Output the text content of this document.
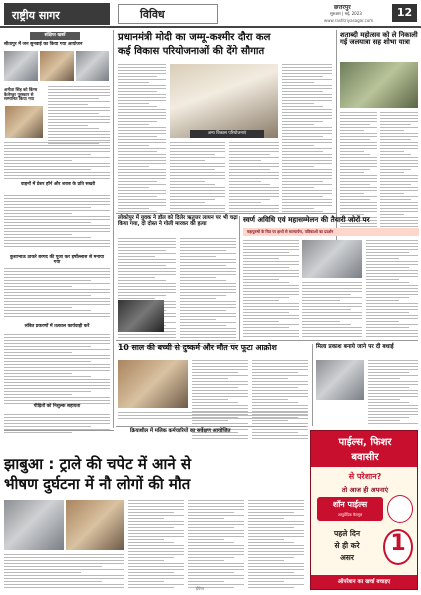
राष्ट्रीय सागर	विविध
छत्तरपुर
सुरुआर | मई, 2023
www.rashtriyasagar.com
12
संक्षिप्त खबरें
सीतापुर में जन सुनवाई का किया गया आयोजन
अनीता सिंह को किंग्स कैलेण्डर पुरस्कार से सम्मानित किया गया
वाहनों में प्रेशर हॉर्न और शराब के प्रति सख्ती
कुशाभाऊ ठाकरे बरगद की पूजा कर हर्षोल्लास से मनाया गया
लंबित प्रकरणों में तत्काल कार्यवाही करें
पीड़ितों को निशुल्क सहायता
प्रधानमंत्री मोदी का जम्मू-कश्मीर दौरा कल
कई विकास परियोजनाओं की देंगे सौगात
अन्य विकास परियोजनाएं
शताब्दी महोत्सव को ले निकाली गई जलयात्रा सह शोभा यात्रा
लोकोपुर में युवक ने डॉल को दिलेर ऋतुत्तर लायन पर भी चढ़ा किया गया, दो दोस्त ने गोली मारकर की हत्या	स्वर्ण अविधि एवं महासम्मेलन की तैयारी जोरों पर
महापुरुषों के चित्र पर हाथों से माल्यार्पण, पत्रिकाओं का प्रदर्शन
10 साल की बच्ची से दुष्कर्म और मौत पर फूटा आक्रोश	मिला प्रकाश बनाये जाने पर दी बधाई
क्रियाशील में मलिक कर्मचारियों का सर्वेक्षण आयोजित
झाबुआ : ट्राले की चपेट में आने से
भीषण दुर्घटना में नौ लोगों की मौत
पाईल्स, फिशर
बवासीर
से परेशान?
तो आज ही अपनाएं
शॉन पाईल्स
आयुर्वेदिक कैप्सूल
पहले दिन
से ही करे
असर
1
ऑपरेशन का खर्चा बचाइए
ईपेपर
